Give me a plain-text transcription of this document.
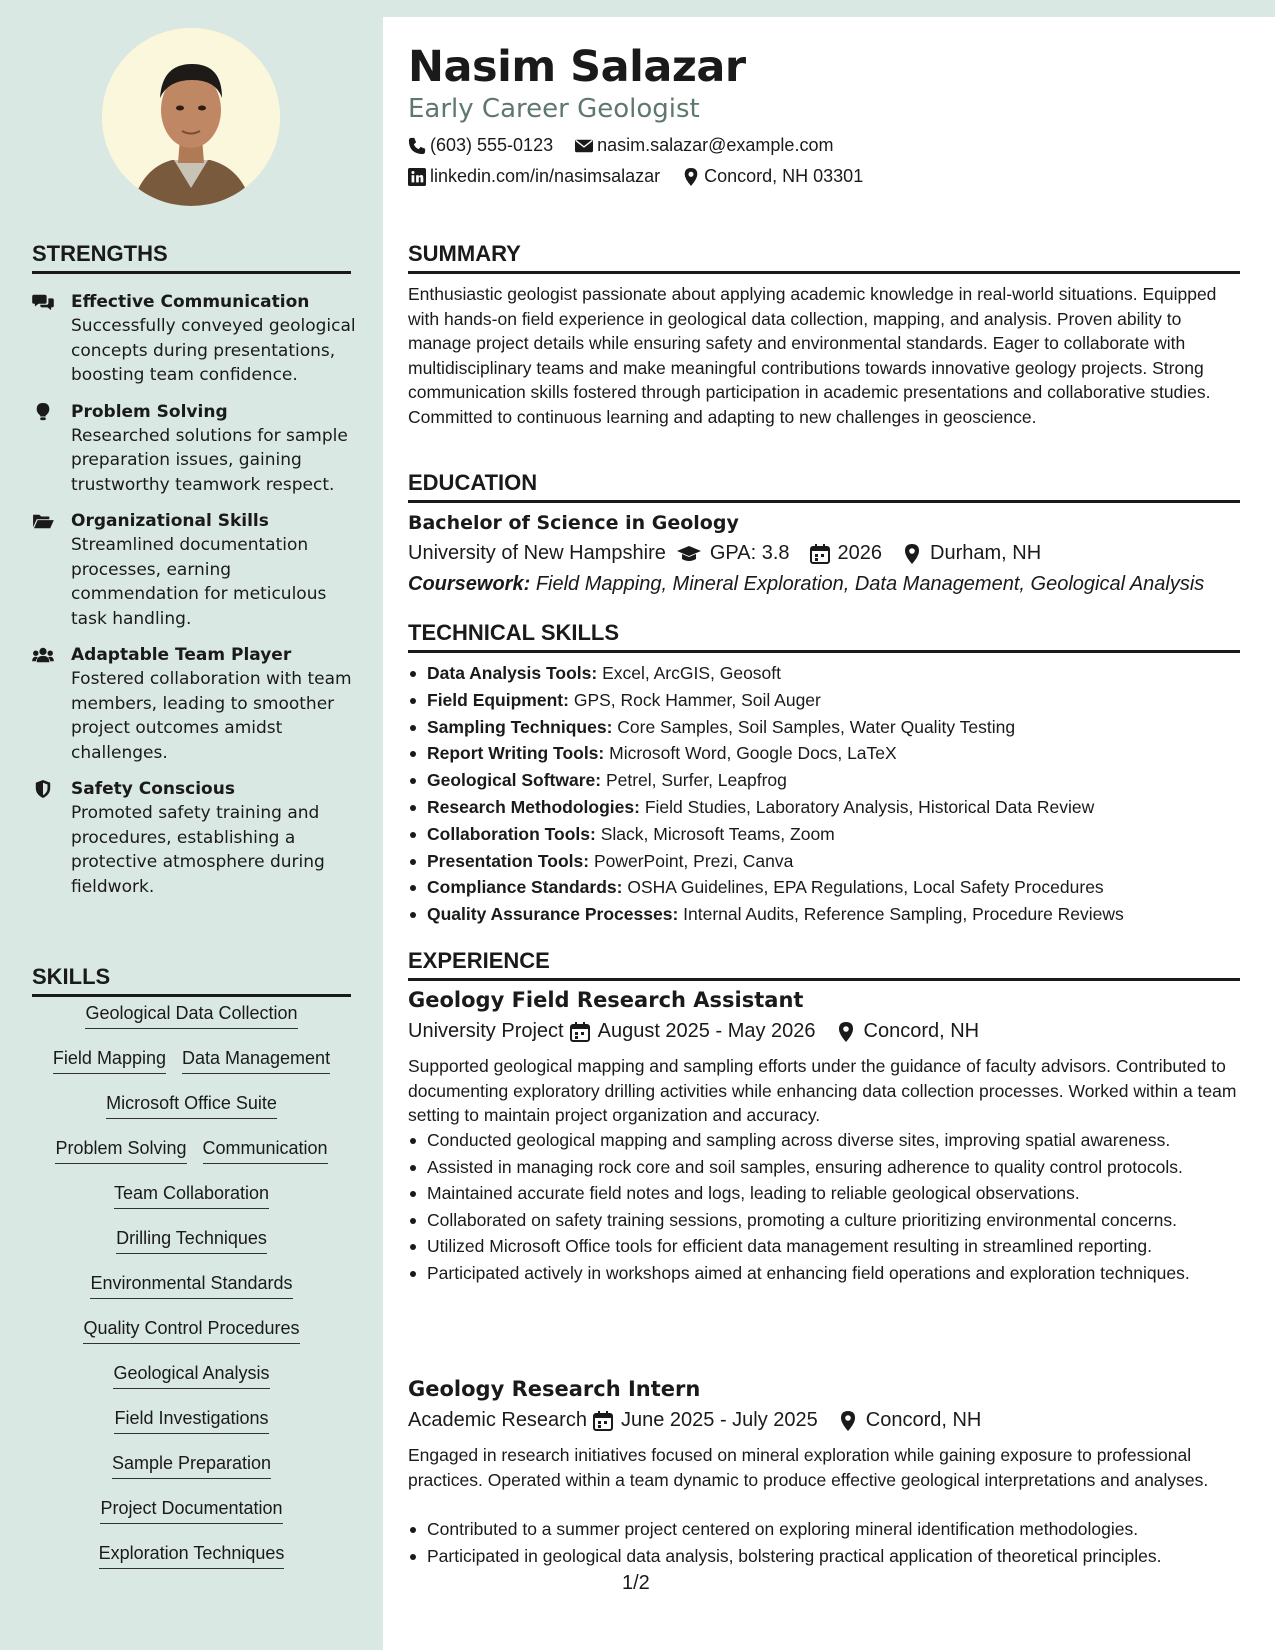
STRENGTHS
Effective Communication
Successfully conveyed geological concepts during presentations, boosting team confidence.
Problem Solving
Researched solutions for sample preparation issues, gaining trustworthy teamwork respect.
Organizational Skills
Streamlined documentation processes, earning commendation for meticulous task handling.
Adaptable Team Player
Fostered collaboration with team members, leading to smoother project outcomes amidst challenges.
Safety Conscious
Promoted safety training and procedures, establishing a protective atmosphere during fieldwork.
SKILLS
Geological Data Collection
Field Mapping Data Management
Microsoft Office Suite
Problem Solving Communication
Team Collaboration
Drilling Techniques
Environmental Standards
Quality Control Procedures
Geological Analysis
Field Investigations
Sample Preparation
Project Documentation
Exploration Techniques
Nasim Salazar
Early Career Geologist
(603) 555-0123 nasim.salazar@example.com
linkedin.com/in/nasimsalazar Concord, NH 03301
SUMMARY
Enthusiastic geologist passionate about applying academic knowledge in real-world situations. Equipped with hands-on field experience in geological data collection, mapping, and analysis. Proven ability to manage project details while ensuring safety and environmental standards. Eager to collaborate with multidisciplinary teams and make meaningful contributions towards innovative geology projects. Strong communication skills fostered through participation in academic presentations and collaborative studies. Committed to continuous learning and adapting to new challenges in geoscience.
EDUCATION
Bachelor of Science in Geology
University of New Hampshire GPA: 3.8 2026 Durham, NH
Coursework: Field Mapping, Mineral Exploration, Data Management, Geological Analysis
TECHNICAL SKILLS
Data Analysis Tools: Excel, ArcGIS, Geosoft
Field Equipment: GPS, Rock Hammer, Soil Auger
Sampling Techniques: Core Samples, Soil Samples, Water Quality Testing
Report Writing Tools: Microsoft Word, Google Docs, LaTeX
Geological Software: Petrel, Surfer, Leapfrog
Research Methodologies: Field Studies, Laboratory Analysis, Historical Data Review
Collaboration Tools: Slack, Microsoft Teams, Zoom
Presentation Tools: PowerPoint, Prezi, Canva
Compliance Standards: OSHA Guidelines, EPA Regulations, Local Safety Procedures
Quality Assurance Processes: Internal Audits, Reference Sampling, Procedure Reviews
EXPERIENCE
Geology Field Research Assistant
University Project August 2025 - May 2026 Concord, NH
Supported geological mapping and sampling efforts under the guidance of faculty advisors. Contributed to documenting exploratory drilling activities while enhancing data collection processes. Worked within a team setting to maintain project organization and accuracy.
Conducted geological mapping and sampling across diverse sites, improving spatial awareness.
Assisted in managing rock core and soil samples, ensuring adherence to quality control protocols.
Maintained accurate field notes and logs, leading to reliable geological observations.
Collaborated on safety training sessions, promoting a culture prioritizing environmental concerns.
Utilized Microsoft Office tools for efficient data management resulting in streamlined reporting.
Participated actively in workshops aimed at enhancing field operations and exploration techniques.
Geology Research Intern
Academic Research June 2025 - July 2025 Concord, NH
Engaged in research initiatives focused on mineral exploration while gaining exposure to professional practices. Operated within a team dynamic to produce effective geological interpretations and analyses.
Contributed to a summer project centered on exploring mineral identification methodologies.
Participated in geological data analysis, bolstering practical application of theoretical principles.
1/2
